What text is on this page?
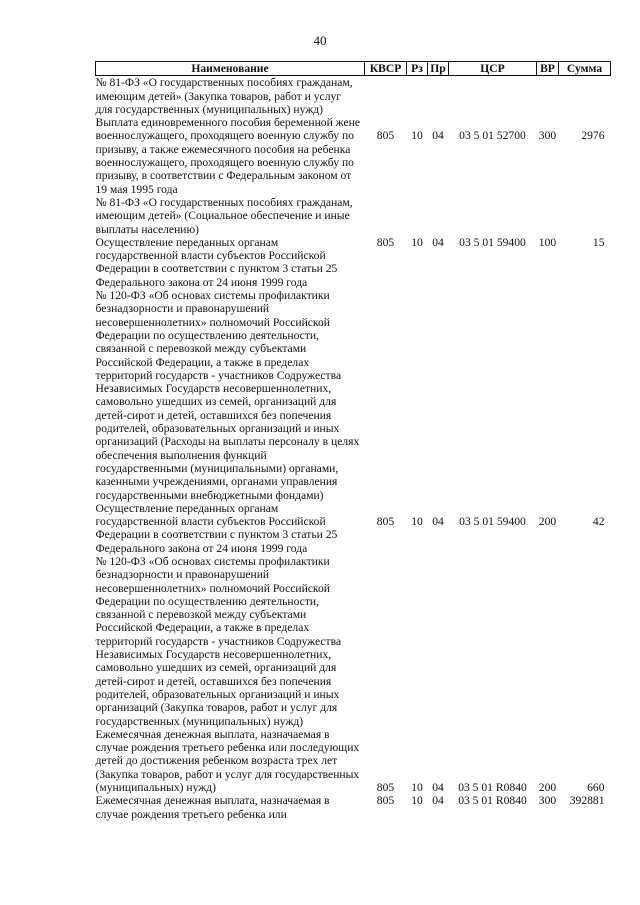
40
Наименование	КВСР	Рз	Пр	ЦСР	ВР	Сумма

№ 81-ФЗ «О государственных пособиях гражданам, имеющим детей» (Закупка товаров, работ и услуг для государственных (муниципальных) нужд)
Выплата единовременного пособия беременной жене военнослужащего, проходящего военную службу по призыву, а также ежемесячного пособия на ребенка военнослужащего, проходящего военную службу по призыву, в соответствии с Федеральным законом от 19 мая 1995 года	805	10	04	03 5 01 52700	300	2976

№ 81-ФЗ «О государственных пособиях гражданам, имеющим детей» (Социальное обеспечение и иные выплаты населению)
Осуществление переданных органам государственной власти субъектов Российской Федерации в соответствии с пунктом 3 статьи 25 Федерального закона от 24 июня 1999 года	805	10	04	03 5 01 59400	100	15

№ 120-ФЗ «Об основах системы профилактики безнадзорности и правонарушений несовершеннолетних» полномочий Российской Федерации по осуществлению деятельности, связанной с перевозкой между субъектами Российской Федерации, а также в пределах территорий государств - участников Содружества Независимых Государств несовершеннолетних, самовольно ушедших из семей, организаций для детей-сирот и детей, оставшихся без попечения родителей, образовательных организаций и иных организаций (Расходы на выплаты персоналу в целях обеспечения выполнения функций государственными (муниципальными) органами, казенными учреждениями, органами управления государственными внебюджетными фондами)
Осуществление переданных органам государственной власти субъектов Российской Федерации в соответствии с пунктом 3 статьи 25 Федерального закона от 24 июня 1999 года	805	10	04	03 5 01 59400	200	42

№ 120-ФЗ «Об основах системы профилактики безнадзорности и правонарушений несовершеннолетних» полномочий Российской Федерации по осуществлению деятельности, связанной с перевозкой между субъектами Российской Федерации, а также в пределах территорий государств - участников Содружества Независимых Государств несовершеннолетних, самовольно ушедших из семей, организаций для детей-сирот и детей, оставшихся без попечения родителей, образовательных организаций и иных организаций (Закупка товаров, работ и услуг для государственных (муниципальных) нужд)
Ежемесячная денежная выплата, назначаемая в случае рождения третьего ребенка или последующих детей до достижения ребенком возраста трех лет (Закупка товаров, работ и услуг для государственных (муниципальных) нужд)	805	10	04	03 5 01 R0840	200	660

Ежемесячная денежная выплата, назначаемая в случае рождения третьего ребенка или	805	10	04	03 5 01 R0840	300	392881
